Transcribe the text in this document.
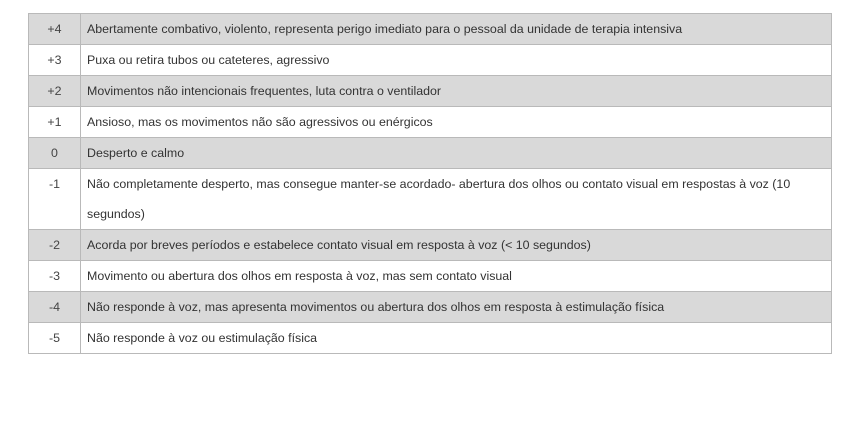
+4	Abertamente combativo, violento, representa perigo imediato para o pessoal da unidade de terapia intensiva
+3	Puxa ou retira tubos ou cateteres, agressivo
+2	Movimentos não intencionais frequentes, luta contra o ventilador
+1	Ansioso, mas os movimentos não são agressivos ou enérgicos
0	Desperto e calmo
-1	Não completamente desperto, mas consegue manter-se acordado- abertura dos olhos ou contato visual em respostas à voz (10 segundos)
-2	Acorda por breves períodos e estabelece contato visual em resposta à voz (< 10 segundos)
-3	Movimento ou abertura dos olhos em resposta à voz, mas sem contato visual
-4	Não responde à voz, mas apresenta movimentos ou abertura dos olhos em resposta à estimulação física
-5	Não responde à voz ou estimulação física
